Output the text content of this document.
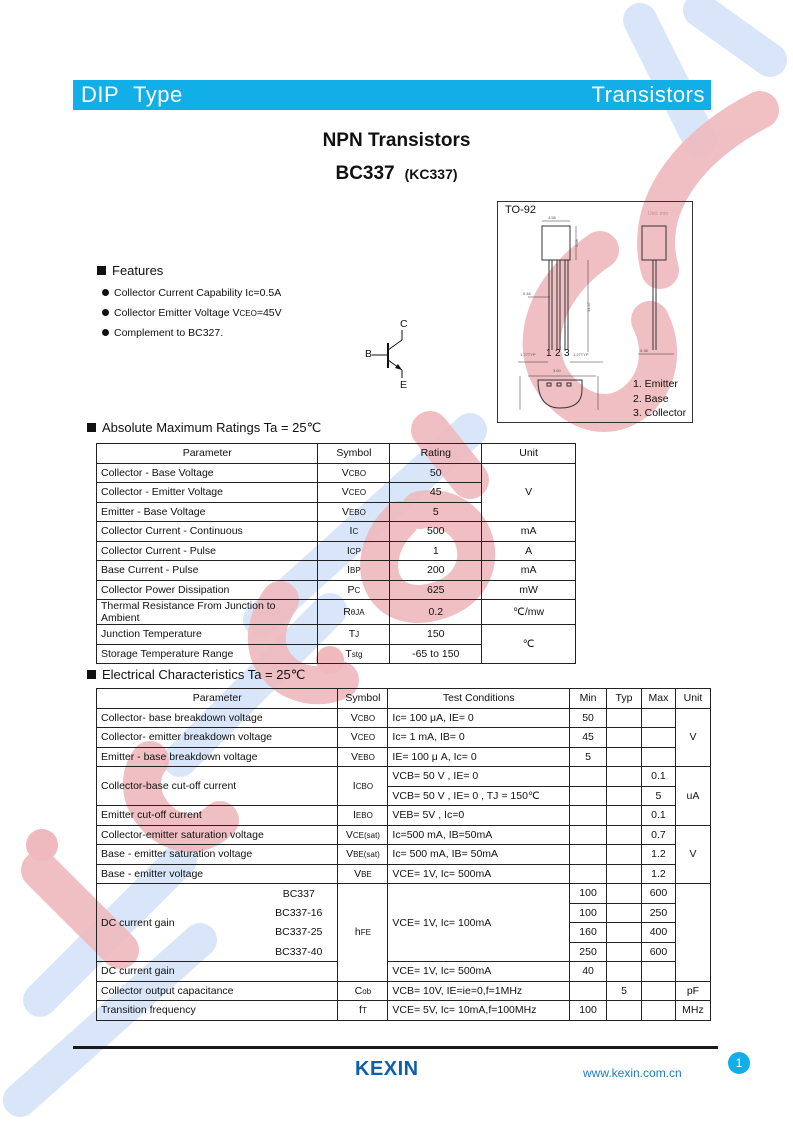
DIP Type	Transistors
NPN Transistors
BC337 (KC337)
Features
Collector Current Capability Ic=0.5A
Collector Emitter Voltage VCEO=45V
Complement to BC327.
C
B
E
TO-92	Unit: mm
4.58
4.58
0.46
14.47
1.27TYP	1.27TYP
0.38
3.60
1 2 3
1. Emitter
2. Base
3. Collector
Absolute Maximum Ratings Ta = 25℃
Parameter	Symbol	Rating	Unit
Collector - Base Voltage	VCBO	50	V
Collector - Emitter Voltage	VCEO	45	
Emitter - Base Voltage	VEBO	5	
Collector Current - Continuous	IC	500	mA
Collector Current - Pulse	ICP	1	A
Base Current - Pulse	IBP	200	mA
Collector Power Dissipation	PC	625	mW
Thermal Resistance From Junction to Ambient	RθJA	0.2	℃/mw
Junction Temperature	TJ	150	℃
Storage Temperature Range	Tstg	-65 to 150	
Electrical Characteristics Ta = 25℃
Parameter		Symbol	Test Conditions	Min	Typ	Max	Unit
Collector- base breakdown voltage		VCBO	Ic= 100 μA, IE= 0	50			V
Collector- emitter breakdown voltage		VCEO	Ic= 1 mA, IB= 0	45			
Emitter - base breakdown voltage		VEBO	IE= 100 μ A, Ic= 0	5			
Collector-base cut-off current		ICBO	VCB= 50 V , IE= 0			0.1	uA
			VCB= 50 V , IE= 0 , TJ = 150℃			5	
Emitter cut-off current		IEBO	VEB= 5V , Ic=0			0.1	
Collector-emitter saturation voltage		VCE(sat)	Ic=500 mA, IB=50mA			0.7	V
Base - emitter saturation voltage		VBE(sat)	Ic= 500 mA, IB= 50mA			1.2	
Base - emitter voltage		VBE	VCE= 1V, Ic= 500mA			1.2	
DC current gain	BC337	hFE	VCE= 1V, Ic= 100mA	100		600	
	BC337-16			100		250	
	BC337-25			160		400	
	BC337-40			250		600	
DC current gain			VCE= 1V, Ic= 500mA	40			
Collector output capacitance		Cob	VCB= 10V, IE=ie=0,f=1MHz		5		pF
Transition frequency		fT	VCE= 5V, Ic= 10mA,f=100MHz	100			MHz
KEXIN	www.kexin.com.cn
1
